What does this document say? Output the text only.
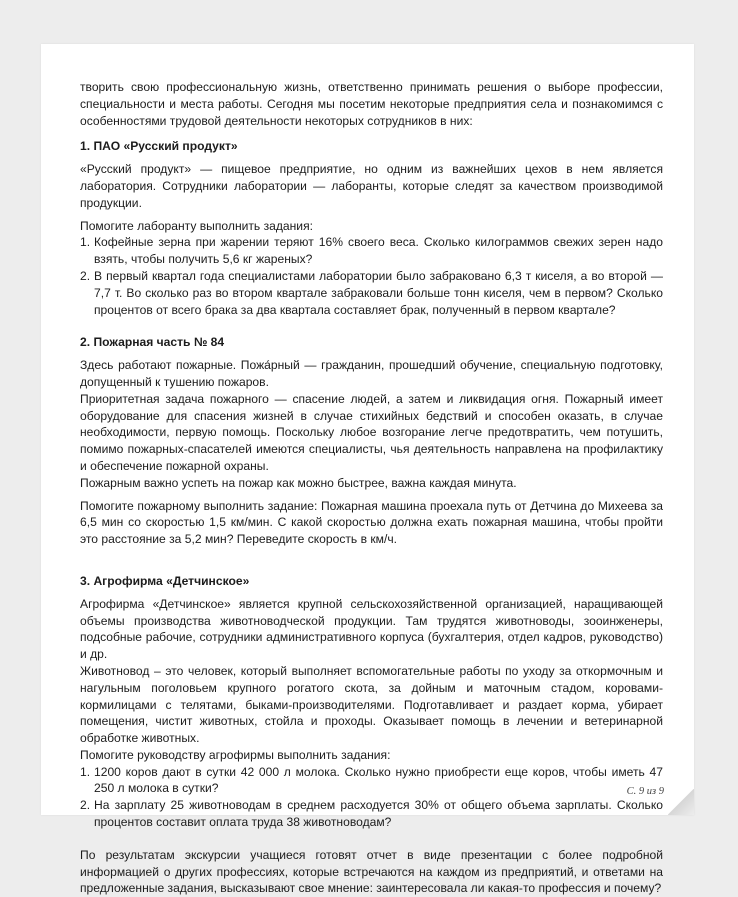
творить свою профессиональную жизнь, ответственно принимать решения о выборе профессии, специальности и места работы. Сегодня мы посетим некоторые предприятия села и познакомимся с особенностями трудовой деятельности некоторых сотрудников в них:

1. ПАО «Русский продукт»

«Русский продукт» — пищевое предприятие, но одним из важнейших цехов в нем является лаборатория. Сотрудники лаборатории — лаборанты, которые следят за качеством производимой продукции.

Помогите лаборанту выполнить задания:

1. Кофейные зерна при жарении теряют 16% своего веса. Сколько килограммов свежих зерен надо взять, чтобы получить 5,6 кг жареных?
2. В первый квартал года специалистами лаборатории было забраковано 6,3 т киселя, а во второй — 7,7 т. Во сколько раз во втором квартале забраковали больше тонн киселя, чем в первом? Сколько процентов от всего брака за два квартала составляет брак, полученный в первом квартале?
2. Пожарная часть № 84

Здесь работают пожарные. Пожа́рный — гражданин, прошедший обучение, специальную подготовку, допущенный к тушению пожаров.

Приоритетная задача пожарного — спасение людей, а затем и ликвидация огня. Пожарный имеет оборудование для спасения жизней в случае стихийных бедствий и способен оказать, в случае необходимости, первую помощь. Поскольку любое возгорание легче предотвратить, чем потушить, помимо пожарных-спасателей имеются специалисты, чья деятельность направлена на профилактику и обеспечение пожарной охраны.

Пожарным важно успеть на пожар как можно быстрее, важна каждая минута.

Помогите пожарному выполнить задание: Пожарная машина проехала путь от Детчина до Михеева за 6,5 мин со скоростью 1,5 км/мин. С какой скоростью должна ехать пожарная машина, чтобы пройти это расстояние за 5,2 мин? Переведите скорость в км/ч.

3. Агрофирма «Детчинское»

Агрофирма «Детчинское» является крупной сельскохозяйственной организацией, наращивающей объемы производства животноводческой продукции. Там трудятся животноводы, зооинженеры, подсобные рабочие, сотрудники административного корпуса (бухгалтерия, отдел кадров, руководство) и др.

Животновод – это человек, который выполняет вспомогательные работы по уходу за откормочным и нагульным поголовьем крупного рогатого скота, за дойным и маточным стадом, коровами-кормилицами с телятами, быками-производителями. Подготавливает и раздает корма, убирает помещения, чистит животных, стойла и проходы. Оказывает помощь в лечении и ветеринарной обработке животных.

Помогите руководству агрофирмы выполнить задания:

1. 1200 коров дают в сутки 42 000 л молока. Сколько нужно приобрести еще коров, чтобы иметь 47 250 л молока в сутки?
2. На зарплату 25 животноводам в среднем расходуется 30% от общего объема зарплаты. Сколько процентов составит оплата труда 38 животноводам?

По результатам экскурсии учащиеся готовят отчет в виде презентации с более подробной информацией о других профессиях, которые встречаются на каждом из предприятий, и ответами на предложенные задания, высказывают свое мнение: заинтересовала ли какая-то профессия и почему?

С. 9 из 9
